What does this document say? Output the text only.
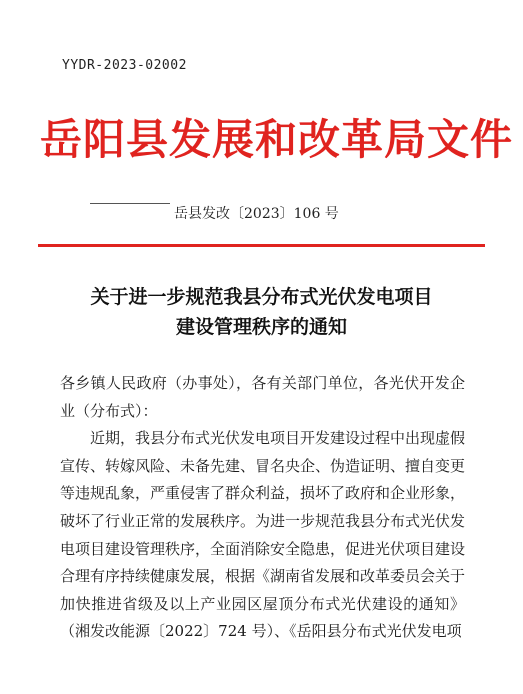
YYDR-2023-02002
岳阳县发展和改革局文件
岳县发改〔2023〕106 号
关于进一步规范我县分布式光伏发电项目
建设管理秩序的通知

各乡镇人民政府（办事处），各有关部门单位，各光伏开发企业（分布式）：

近期，我县分布式光伏发电项目开发建设过程中出现虚假宣传、转嫁风险、未备先建、冒名央企、伪造证明、擅自变更等违规乱象，严重侵害了群众利益，损坏了政府和企业形象，破坏了行业正常的发展秩序。为进一步规范我县分布式光伏发电项目建设管理秩序，全面消除安全隐患，促进光伏项目建设合理有序持续健康发展，根据《湖南省发展和改革委员会关于加快推进省级及以上产业园区屋顶分布式光伏建设的通知》（湘发改能源〔2022〕724 号）、《岳阳县分布式光伏发电项
